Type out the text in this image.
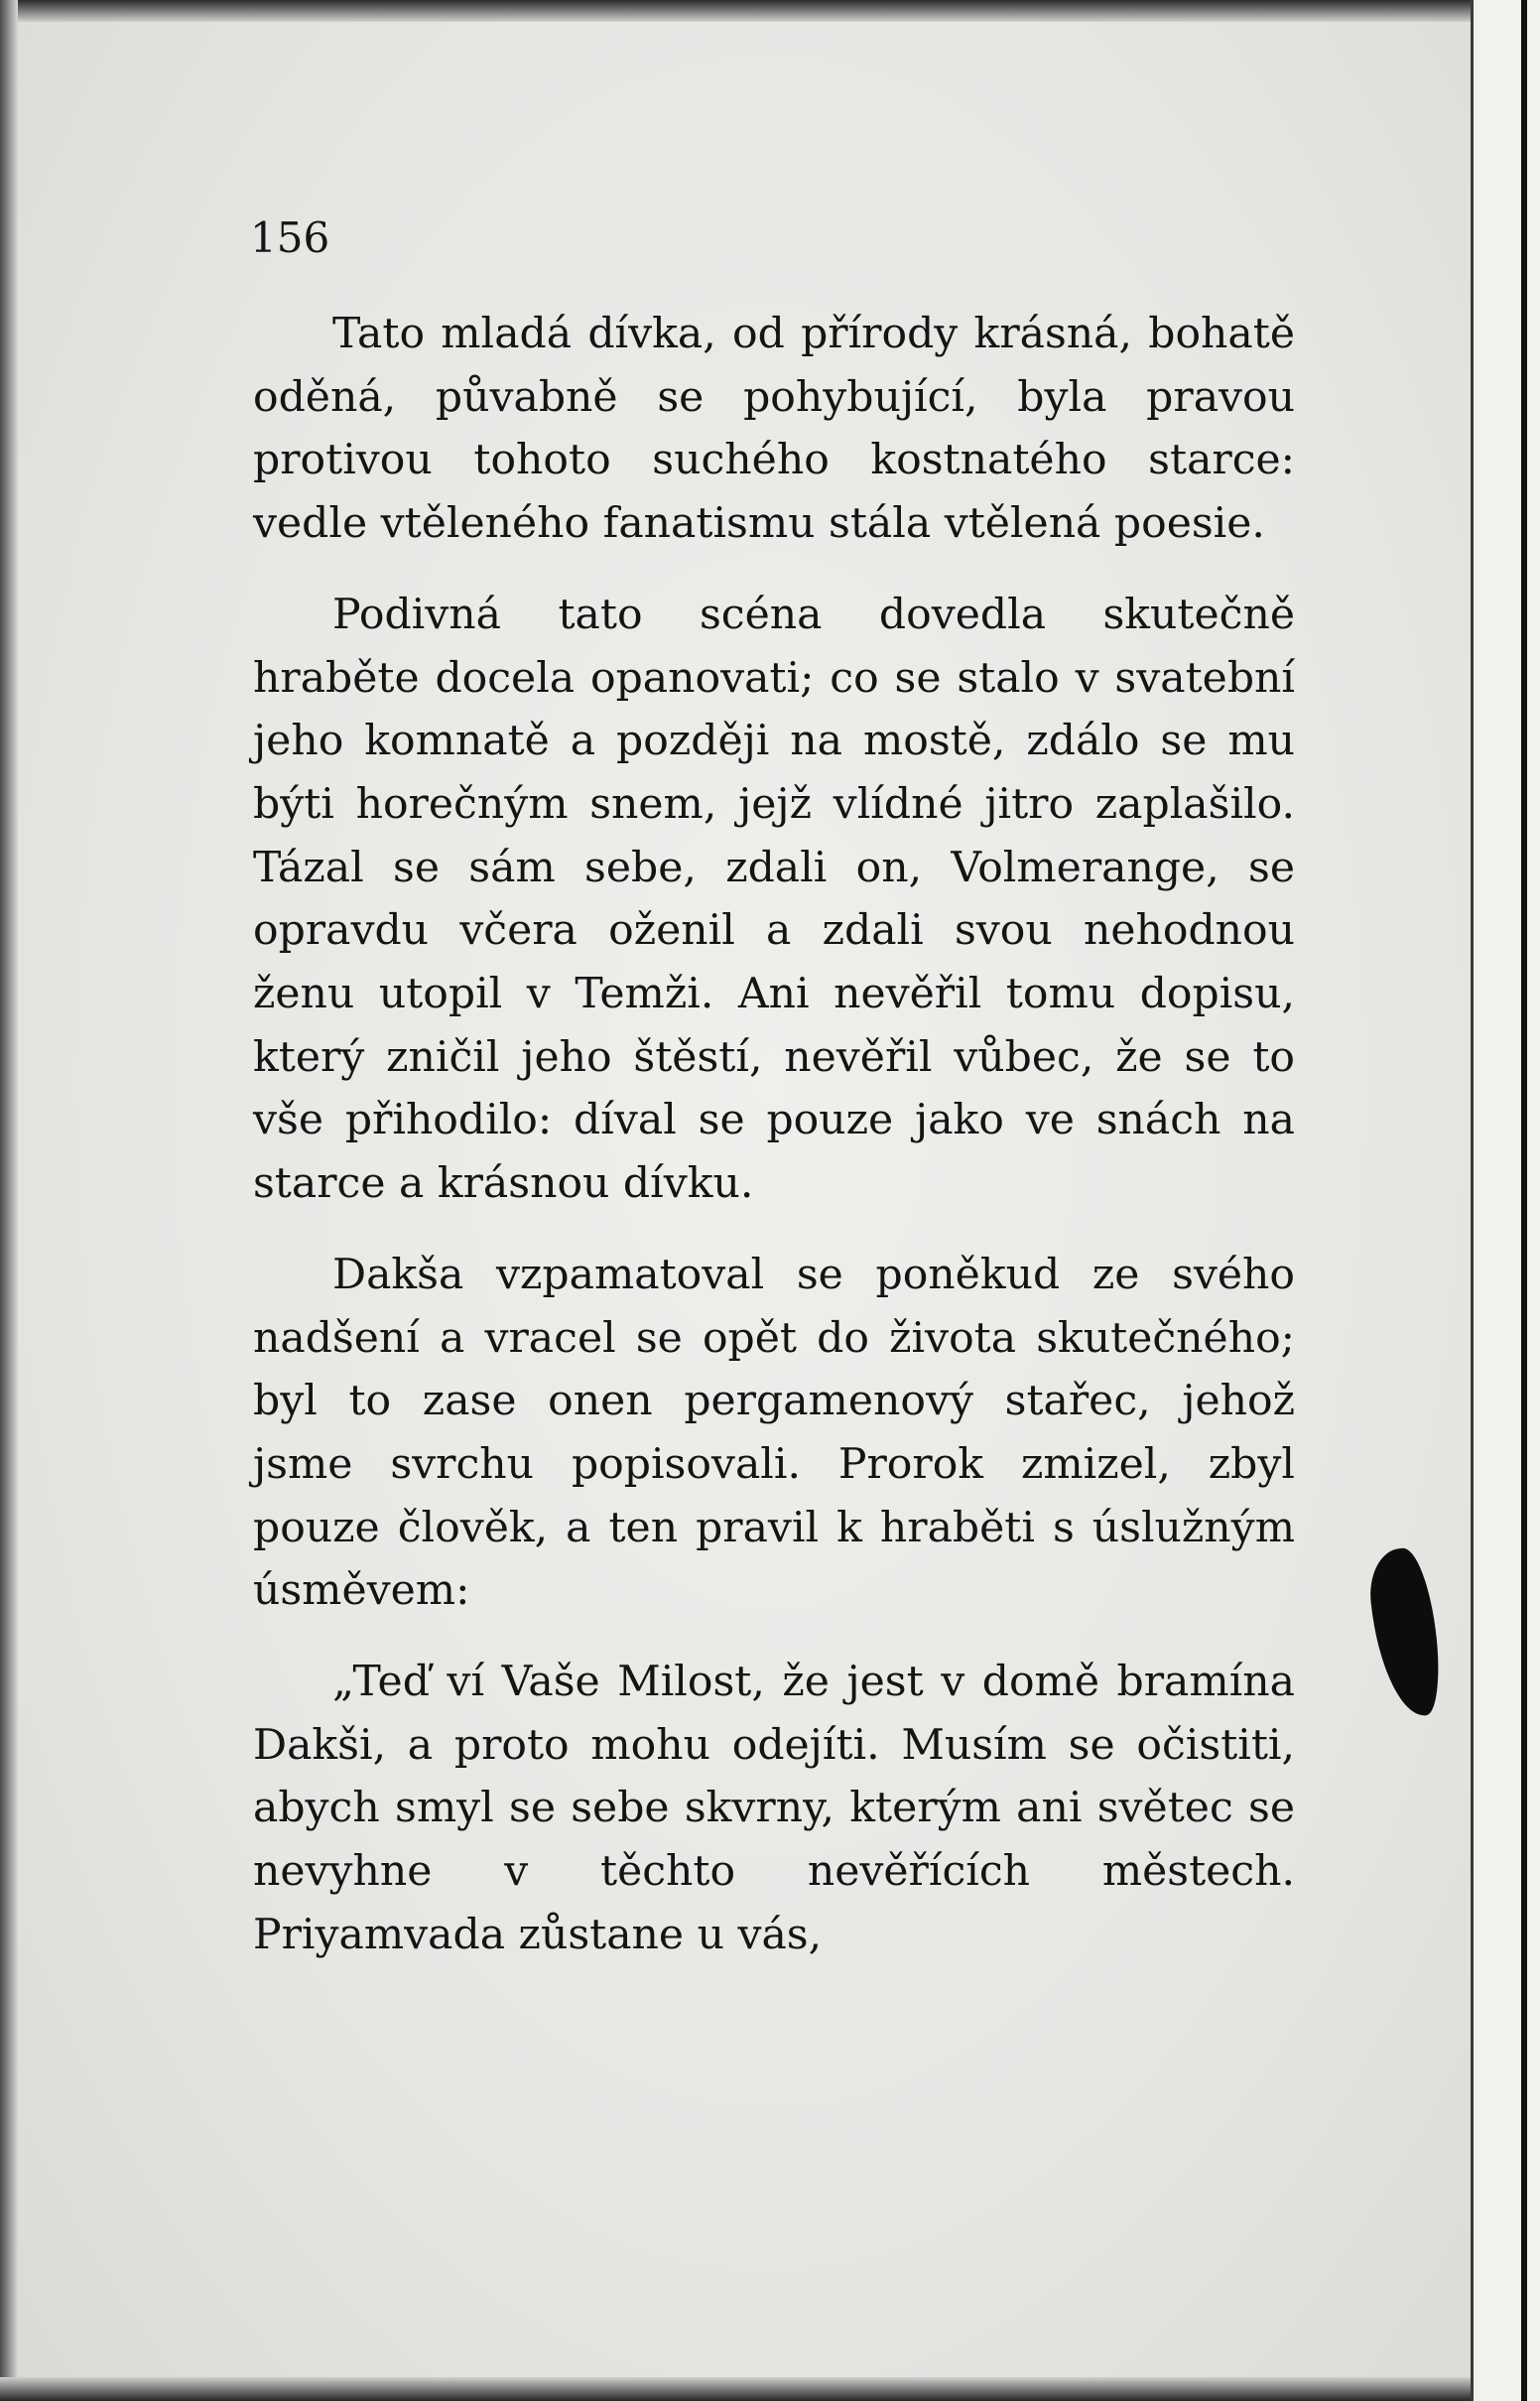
156

Tato mladá dívka, od přírody krásná, bohatě oděná, půvabně se pohybující, byla pravou protivou tohoto suchého kostnatého starce: vedle vtěleného fanatismu stála vtělená poesie.

Podivná tato scéna dovedla skutečně hraběte docela opanovati; co se stalo v svatební jeho komnatě a později na mostě, zdálo se mu býti horečným snem, jejž vlídné jitro zaplašilo. Tázal se sám sebe, zdali on, Volmerange, se opravdu včera oženil a zdali svou nehodnou ženu utopil v Temži. Ani nevěřil tomu dopisu, který zničil jeho štěstí, nevěřil vůbec, že se to vše přihodilo: díval se pouze jako ve snách na starce a krásnou dívku.

Dakša vzpamatoval se poněkud ze svého nadšení a vracel se opět do života skutečného; byl to zase onen pergamenový stařec, jehož jsme svrchu popisovali. Prorok zmizel, zbyl pouze člověk, a ten pravil k hraběti s úslužným úsměvem:

„Teď ví Vaše Milost, že jest v domě bramína Dakši, a proto mohu odejíti. Musím se očistiti, abych smyl se sebe skvrny, kterým ani světec se nevyhne v těchto nevěřících městech. Priyamvada zůstane u vás,
